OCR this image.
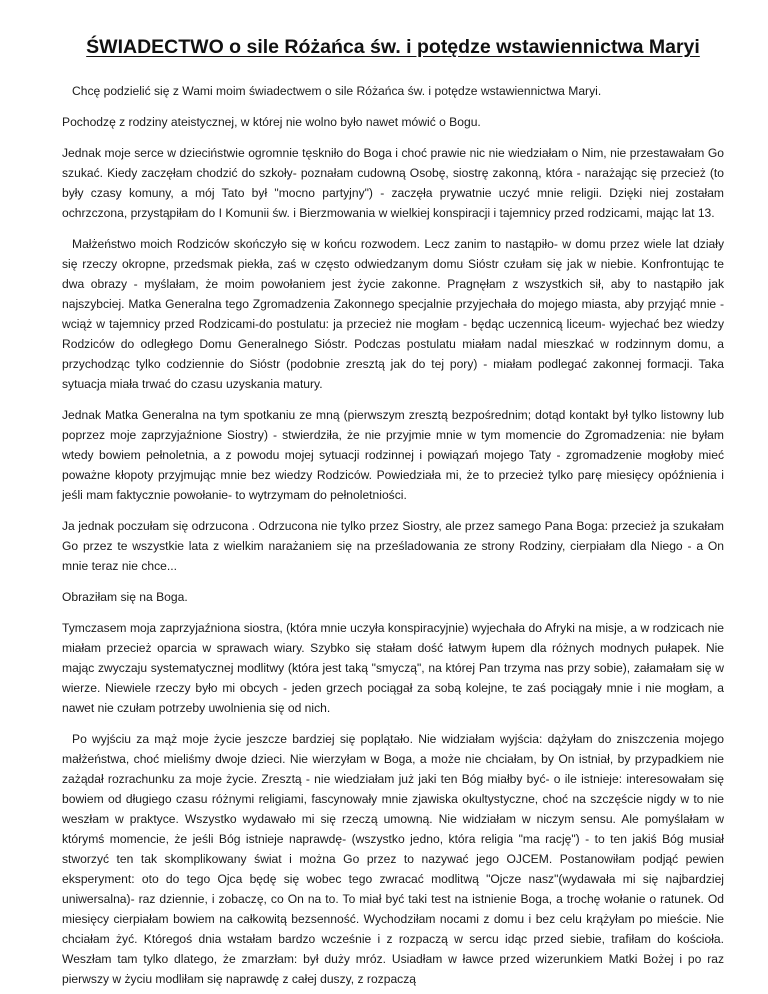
ŚWIADECTWO o sile Różańca św. i potędze wstawiennictwa Maryi

Chcę podzielić się z Wami moim świadectwem o sile Różańca św. i potędze wstawiennictwa Maryi.

Pochodzę z rodziny ateistycznej, w której nie wolno było nawet mówić o Bogu.

Jednak moje serce w dzieciństwie ogromnie tęskniło do Boga i choć prawie nic nie wiedziałam o Nim, nie przestawałam Go szukać. Kiedy zaczęłam chodzić do szkoły- poznałam cudowną Osobę, siostrę zakonną, która - narażając się przecież (to były czasy komuny, a mój Tato był "mocno partyjny") - zaczęła prywatnie uczyć mnie religii. Dzięki niej zostałam ochrzczona, przystąpiłam do I Komunii św. i Bierzmowania w wielkiej konspiracji i tajemnicy przed rodzicami, mając lat 13.

Małżeństwo moich Rodziców skończyło się w końcu rozwodem. Lecz zanim to nastąpiło- w domu przez wiele lat działy się rzeczy okropne, przedsmak piekła, zaś w często odwiedzanym domu Sióstr czułam się jak w niebie. Konfrontując te dwa obrazy - myślałam, że moim powołaniem jest życie zakonne. Pragnęłam z wszystkich sił, aby to nastąpiło jak najszybciej. Matka Generalna tego Zgromadzenia Zakonnego specjalnie przyjechała do mojego miasta, aby przyjąć mnie - wciąż w tajemnicy przed Rodzicami-do postulatu: ja przecież nie mogłam - będąc uczennicą liceum- wyjechać bez wiedzy Rodziców do odległego Domu Generalnego Sióstr. Podczas postulatu miałam nadal mieszkać w rodzinnym domu, a przychodząc tylko codziennie do Sióstr (podobnie zresztą jak do tej pory) - miałam podlegać zakonnej formacji. Taka sytuacja miała trwać do czasu uzyskania matury.

Jednak Matka Generalna na tym spotkaniu ze mną (pierwszym zresztą bezpośrednim; dotąd kontakt był tylko listowny lub poprzez moje zaprzyjaźnione Siostry) - stwierdziła, że nie przyjmie mnie w tym momencie do Zgromadzenia: nie byłam wtedy bowiem pełnoletnia, a z powodu mojej sytuacji rodzinnej i powiązań mojego Taty - zgromadzenie mogłoby mieć poważne kłopoty przyjmując mnie bez wiedzy Rodziców. Powiedziała mi, że to przecież tylko parę miesięcy opóźnienia i jeśli mam faktycznie powołanie- to wytrzymam do pełnoletniości.

Ja jednak poczułam się odrzucona . Odrzucona nie tylko przez Siostry, ale przez samego Pana Boga: przecież ja szukałam Go przez te wszystkie lata z wielkim narażaniem się na prześladowania ze strony Rodziny, cierpiałam dla Niego - a On mnie teraz nie chce...

Obraziłam się na Boga.

Tymczasem moja zaprzyjaźniona siostra, (która mnie uczyła konspiracyjnie) wyjechała do Afryki na misje, a w rodzicach nie miałam przecież oparcia w sprawach wiary. Szybko się stałam dość łatwym łupem dla różnych modnych pułapek. Nie mając zwyczaju systematycznej modlitwy (która jest taką "smyczą", na której Pan trzyma nas przy sobie), załamałam się w wierze. Niewiele rzeczy było mi obcych - jeden grzech pociągał za sobą kolejne, te zaś pociągały mnie i nie mogłam, a nawet nie czułam potrzeby uwolnienia się od nich.

Po wyjściu za mąż moje życie jeszcze bardziej się poplątało. Nie widziałam wyjścia: dążyłam do zniszczenia mojego małżeństwa, choć mieliśmy dwoje dzieci. Nie wierzyłam w Boga, a może nie chciałam, by On istniał, by przypadkiem nie zażądał rozrachunku za moje życie. Zresztą - nie wiedziałam już jaki ten Bóg miałby być- o ile istnieje: interesowałam się bowiem od długiego czasu różnymi religiami, fascynowały mnie zjawiska okultystyczne, choć na szczęście nigdy w to nie weszłam w praktyce. Wszystko wydawało mi się rzeczą umowną. Nie widziałam w niczym sensu. Ale pomyślałam w którymś momencie, że jeśli Bóg istnieje naprawdę- (wszystko jedno, która religia "ma rację") - to ten jakiś Bóg musiał stworzyć ten tak skomplikowany świat i można Go przez to nazywać jego OJCEM. Postanowiłam podjąć pewien eksperyment: oto do tego Ojca będę się wobec tego zwracać modlitwą "Ojcze nasz"(wydawała mi się najbardziej uniwersalna)- raz dziennie, i zobaczę, co On na to. To miał być taki test na istnienie Boga, a trochę wołanie o ratunek. Od miesięcy cierpiałam bowiem na całkowitą bezsenność. Wychodziłam nocami z domu i bez celu krążyłam po mieście. Nie chciałam żyć. Któregoś dnia wstałam bardzo wcześnie i z rozpaczą w sercu idąc przed siebie, trafiłam do kościoła. Weszłam tam tylko dlatego, że zmarzłam: był duży mróz. Usiadłam w ławce przed wizerunkiem Matki Bożej i po raz pierwszy w życiu modliłam się naprawdę z całej duszy, z rozpaczą
